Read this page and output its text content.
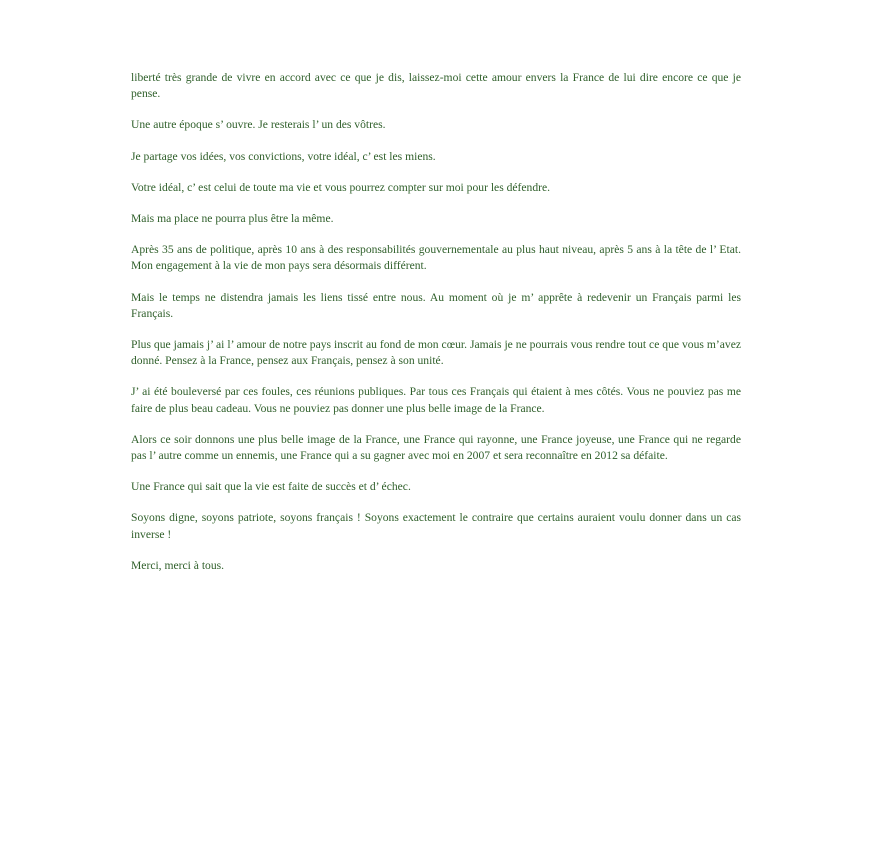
liberté très grande de vivre en accord avec ce que je dis, laissez-moi cette amour envers la France de lui dire encore ce que je pense.

Une autre époque s’ ouvre. Je resterais l’ un des vôtres.

Je partage vos idées, vos convictions, votre idéal, c’ est les miens.

Votre idéal, c’ est celui de toute ma vie et vous pourrez compter sur moi pour les défendre.

Mais ma place ne pourra plus être la même.

Après 35 ans de politique, après 10 ans à des responsabilités gouvernementale au plus haut niveau, après 5 ans à la tête de l’ Etat. Mon engagement à la vie de mon pays sera désormais différent.

Mais le temps ne distendra jamais les liens tissé entre nous. Au moment où je m’ apprête à redevenir un Français parmi les Français.

Plus que jamais j’ ai l’ amour de notre pays inscrit au fond de mon cœur. Jamais je ne pourrais vous rendre tout ce que vous m’avez donné. Pensez à la France, pensez aux Français, pensez à son unité.

J’ ai été bouleversé par ces foules, ces réunions publiques. Par tous ces Français qui étaient à mes côtés. Vous ne pouviez pas me faire de plus beau cadeau. Vous ne pouviez pas donner une plus belle image de la France.

Alors ce soir donnons une plus belle image de la France, une France qui rayonne, une France joyeuse, une France qui ne regarde pas l’ autre comme un ennemis, une France qui a su gagner avec moi en 2007 et sera reconnaître en 2012 sa défaite.

Une France qui sait que la vie est faite de succès et d’ échec.

Soyons digne, soyons patriote, soyons français ! Soyons exactement le contraire que certains auraient voulu donner dans un cas inverse !

Merci, merci à tous.
